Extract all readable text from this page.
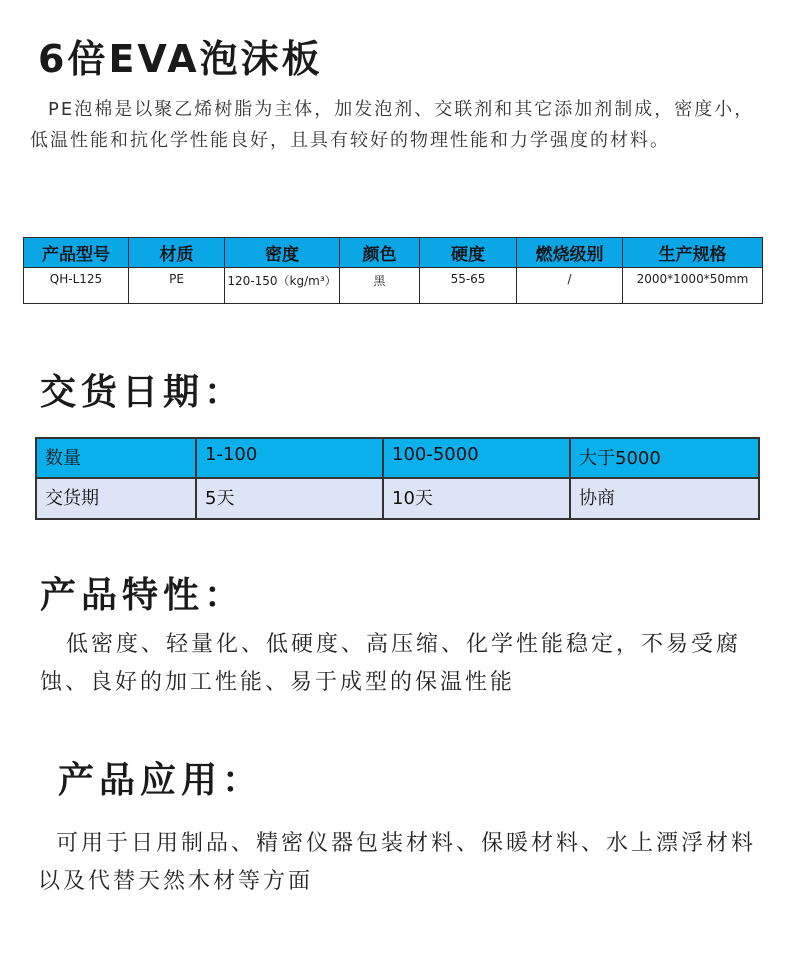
6倍EVA泡沫板

PE泡棉是以聚乙烯树脂为主体，加发泡剂、交联剂和其它添加剂制成，密度小，低温性能和抗化学性能良好，且具有较好的物理性能和力学强度的材料。

产品型号	材质	密度	颜色	硬度	燃烧级别	生产规格
QH-L125	PE	120-150（kg/m³）	黑	55-65	/	2000*1000*50mm
交货日期：
数量	1-100	100-5000	大于5000
交货期	5天	10天	协商
产品特性：

低密度、轻量化、低硬度、高压缩、化学性能稳定，不易受腐蚀、良好的加工性能、易于成型的保温性能

产品应用：

可用于日用制品、精密仪器包装材料、保暖材料、水上漂浮材料以及代替天然木材等方面
